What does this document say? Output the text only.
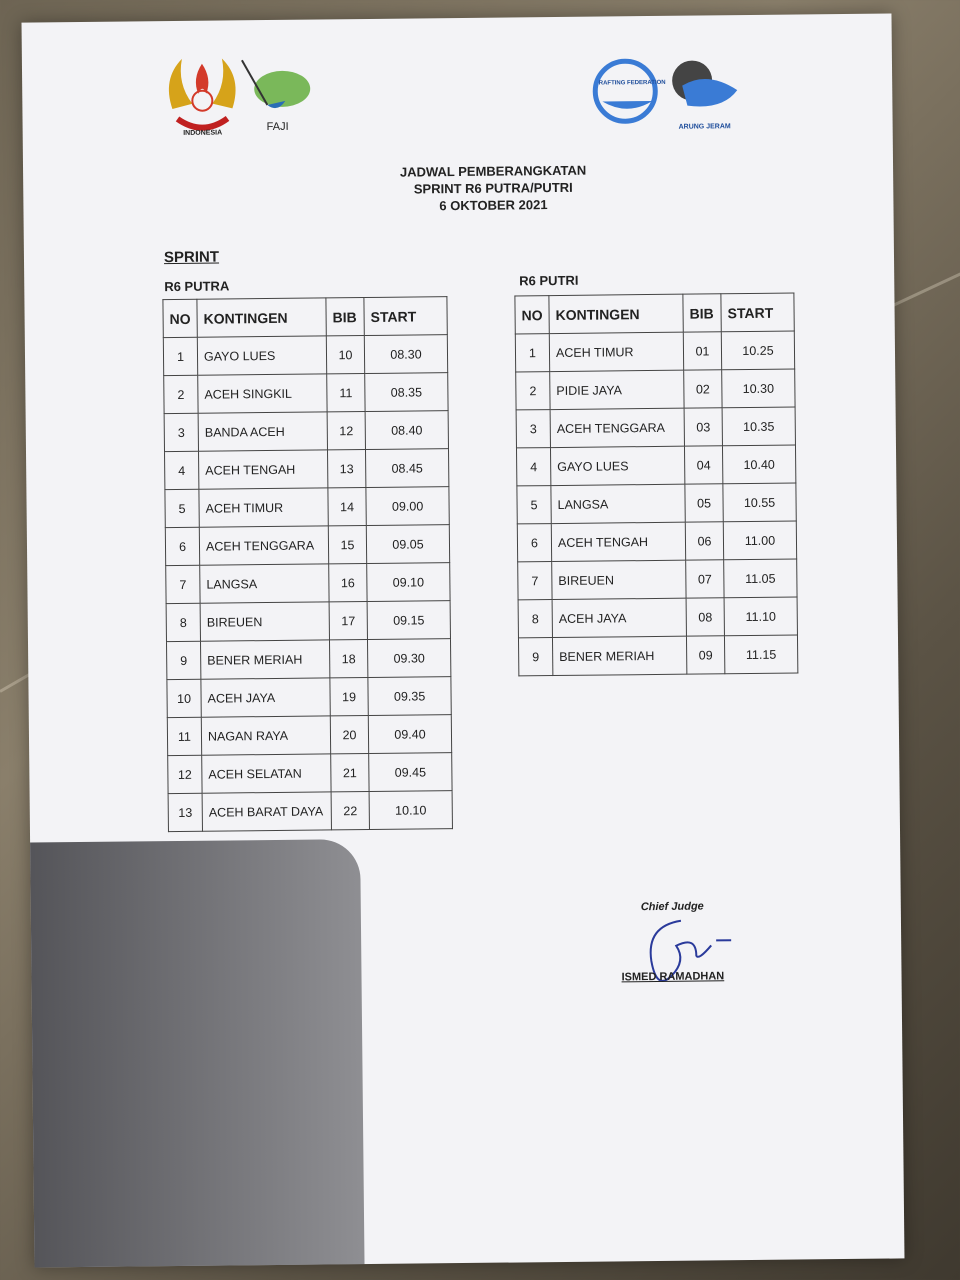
INDONESIA
FAJI
RAFTING FEDERATION
ARUNG JERAM
JADWAL PEMBERANGKATAN
SPRINT R6 PUTRA/PUTRI
6 OKTOBER 2021
SPRINT
R6 PUTRA
NO	KONTINGEN	BIB	START
1	GAYO LUES	10	08.30
2	ACEH SINGKIL	11	08.35
3	BANDA ACEH	12	08.40
4	ACEH TENGAH	13	08.45
5	ACEH TIMUR	14	09.00
6	ACEH TENGGARA	15	09.05
7	LANGSA	16	09.10
8	BIREUEN	17	09.15
9	BENER MERIAH	18	09.30
10	ACEH JAYA	19	09.35
11	NAGAN RAYA	20	09.40
12	ACEH SELATAN	21	09.45
13	ACEH BARAT DAYA	22	10.10
R6 PUTRI
NO	KONTINGEN	BIB	START
1	ACEH TIMUR	01	10.25
2	PIDIE JAYA	02	10.30
3	ACEH TENGGARA	03	10.35
4	GAYO LUES	04	10.40
5	LANGSA	05	10.55
6	ACEH TENGAH	06	11.00
7	BIREUEN	07	11.05
8	ACEH JAYA	08	11.10
9	BENER MERIAH	09	11.15
Chief Judge
ISMED RAMADHAN
